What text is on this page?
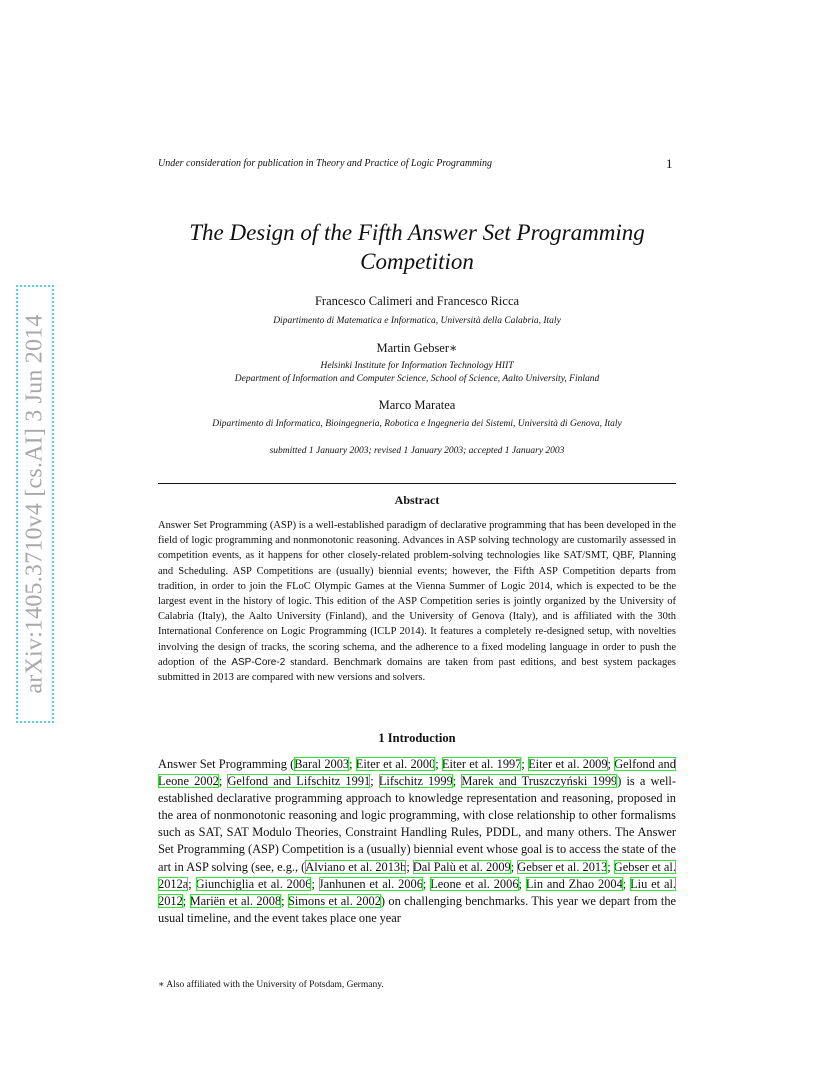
arXiv:1405.3710v4 [cs.AI] 3 Jun 2014
Under consideration for publication in Theory and Practice of Logic Programming	1
The Design of the Fifth Answer Set Programming Competition
Francesco Calimeri and Francesco Ricca
Dipartimento di Matematica e Informatica, Università della Calabria, Italy
Martin Gebser∗
Helsinki Institute for Information Technology HIIT
Department of Information and Computer Science, School of Science, Aalto University, Finland
Marco Maratea
Dipartimento di Informatica, Bioingegneria, Robotica e Ingegneria dei Sistemi, Università di Genova, Italy
submitted 1 January 2003; revised 1 January 2003; accepted 1 January 2003
Abstract
Answer Set Programming (ASP) is a well-established paradigm of declarative programming that has been developed in the field of logic programming and nonmonotonic reasoning. Advances in ASP solving technology are customarily assessed in competition events, as it happens for other closely-related problem-solving technologies like SAT/SMT, QBF, Planning and Scheduling. ASP Competitions are (usually) biennial events; however, the Fifth ASP Competition departs from tradition, in order to join the FLoC Olympic Games at the Vienna Summer of Logic 2014, which is expected to be the largest event in the history of logic. This edition of the ASP Competition series is jointly organized by the University of Calabria (Italy), the Aalto University (Finland), and the University of Genova (Italy), and is affiliated with the 30th International Conference on Logic Programming (ICLP 2014). It features a completely re-designed setup, with novelties involving the design of tracks, the scoring schema, and the adherence to a fixed modeling language in order to push the adoption of the ASP-Core-2 standard. Benchmark domains are taken from past editions, and best system packages submitted in 2013 are compared with new versions and solvers.
1 Introduction
Answer Set Programming (Baral 2003; Eiter et al. 2000; Eiter et al. 1997; Eiter et al. 2009; Gelfond and Leone 2002; Gelfond and Lifschitz 1991; Lifschitz 1999; Marek and Truszczyński 1999) is a well-established declarative programming approach to knowledge representation and reasoning, proposed in the area of nonmonotonic reasoning and logic programming, with close relationship to other formalisms such as SAT, SAT Modulo Theories, Constraint Handling Rules, PDDL, and many others. The Answer Set Programming (ASP) Competition is a (usually) biennial event whose goal is to access the state of the art in ASP solving (see, e.g., (Alviano et al. 2013b; Dal Palù et al. 2009; Gebser et al. 2013; Gebser et al. 2012a; Giunchiglia et al. 2006; Janhunen et al. 2006; Leone et al. 2006; Lin and Zhao 2004; Liu et al. 2012; Mariën et al. 2008; Simons et al. 2002) on challenging benchmarks. This year we depart from the usual timeline, and the event takes place one year
∗ Also affiliated with the University of Potsdam, Germany.
